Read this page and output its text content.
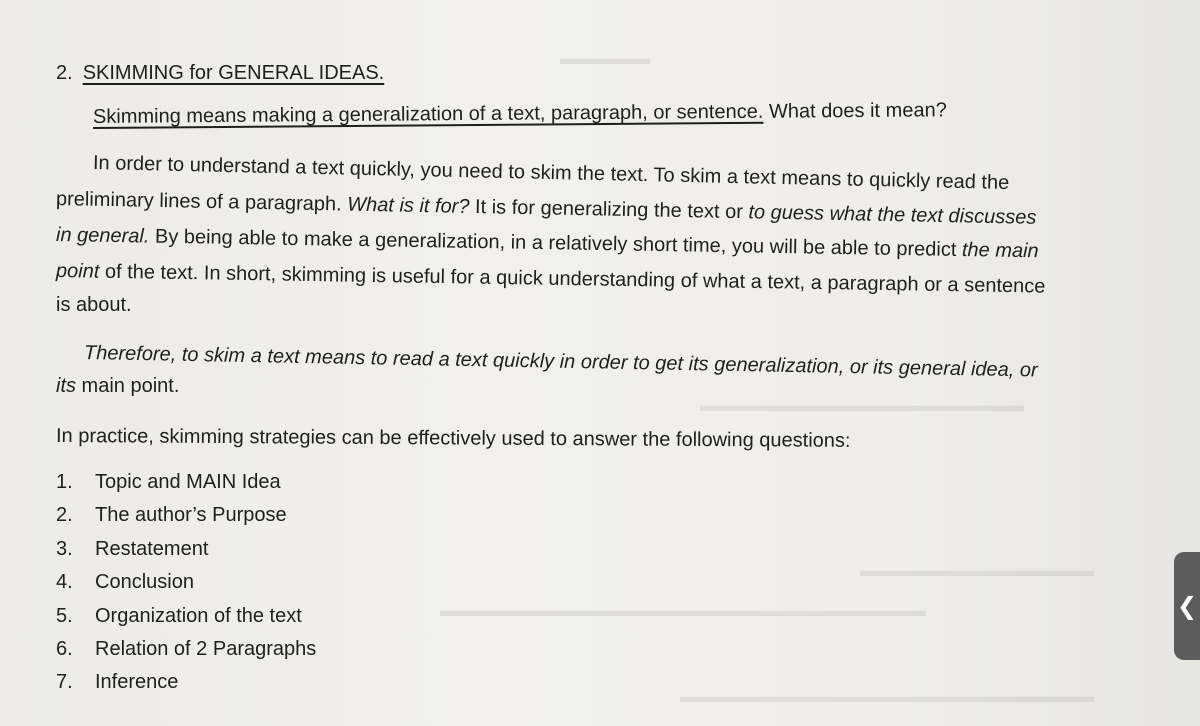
▬▬▬▬▬
▬▬▬▬▬▬▬▬▬▬▬▬▬
▬▬▬▬▬▬▬▬▬▬▬▬▬▬▬▬▬▬
▬▬▬▬▬▬▬▬▬▬▬▬▬▬▬▬▬▬▬▬▬▬▬▬▬▬▬
▬▬▬▬▬▬▬▬▬▬▬▬▬▬▬▬▬▬▬▬▬▬▬
2. SKIMMING for GENERAL IDEAS.
Skimming means making a generalization of a text, paragraph, or sentence. What does it mean?
In order to understand a text quickly, you need to skim the text. To skim a text means to quickly read the
preliminary lines of a paragraph. What is it for? It is for generalizing the text or to guess what the text discusses
in general. By being able to make a generalization, in a relatively short time, you will be able to predict the main
point of the text. In short, skimming is useful for a quick understanding of what a text, a paragraph or a sentence
is about.
Therefore, to skim a text means to read a text quickly in order to get its generalization, or its general idea, or
its main point.
In practice, skimming strategies can be effectively used to answer the following questions:
1. Topic and MAIN Idea
2. The author’s Purpose
3. Restatement
4. Conclusion
5. Organization of the text
6. Relation of 2 Paragraphs
7. Inference
❮
